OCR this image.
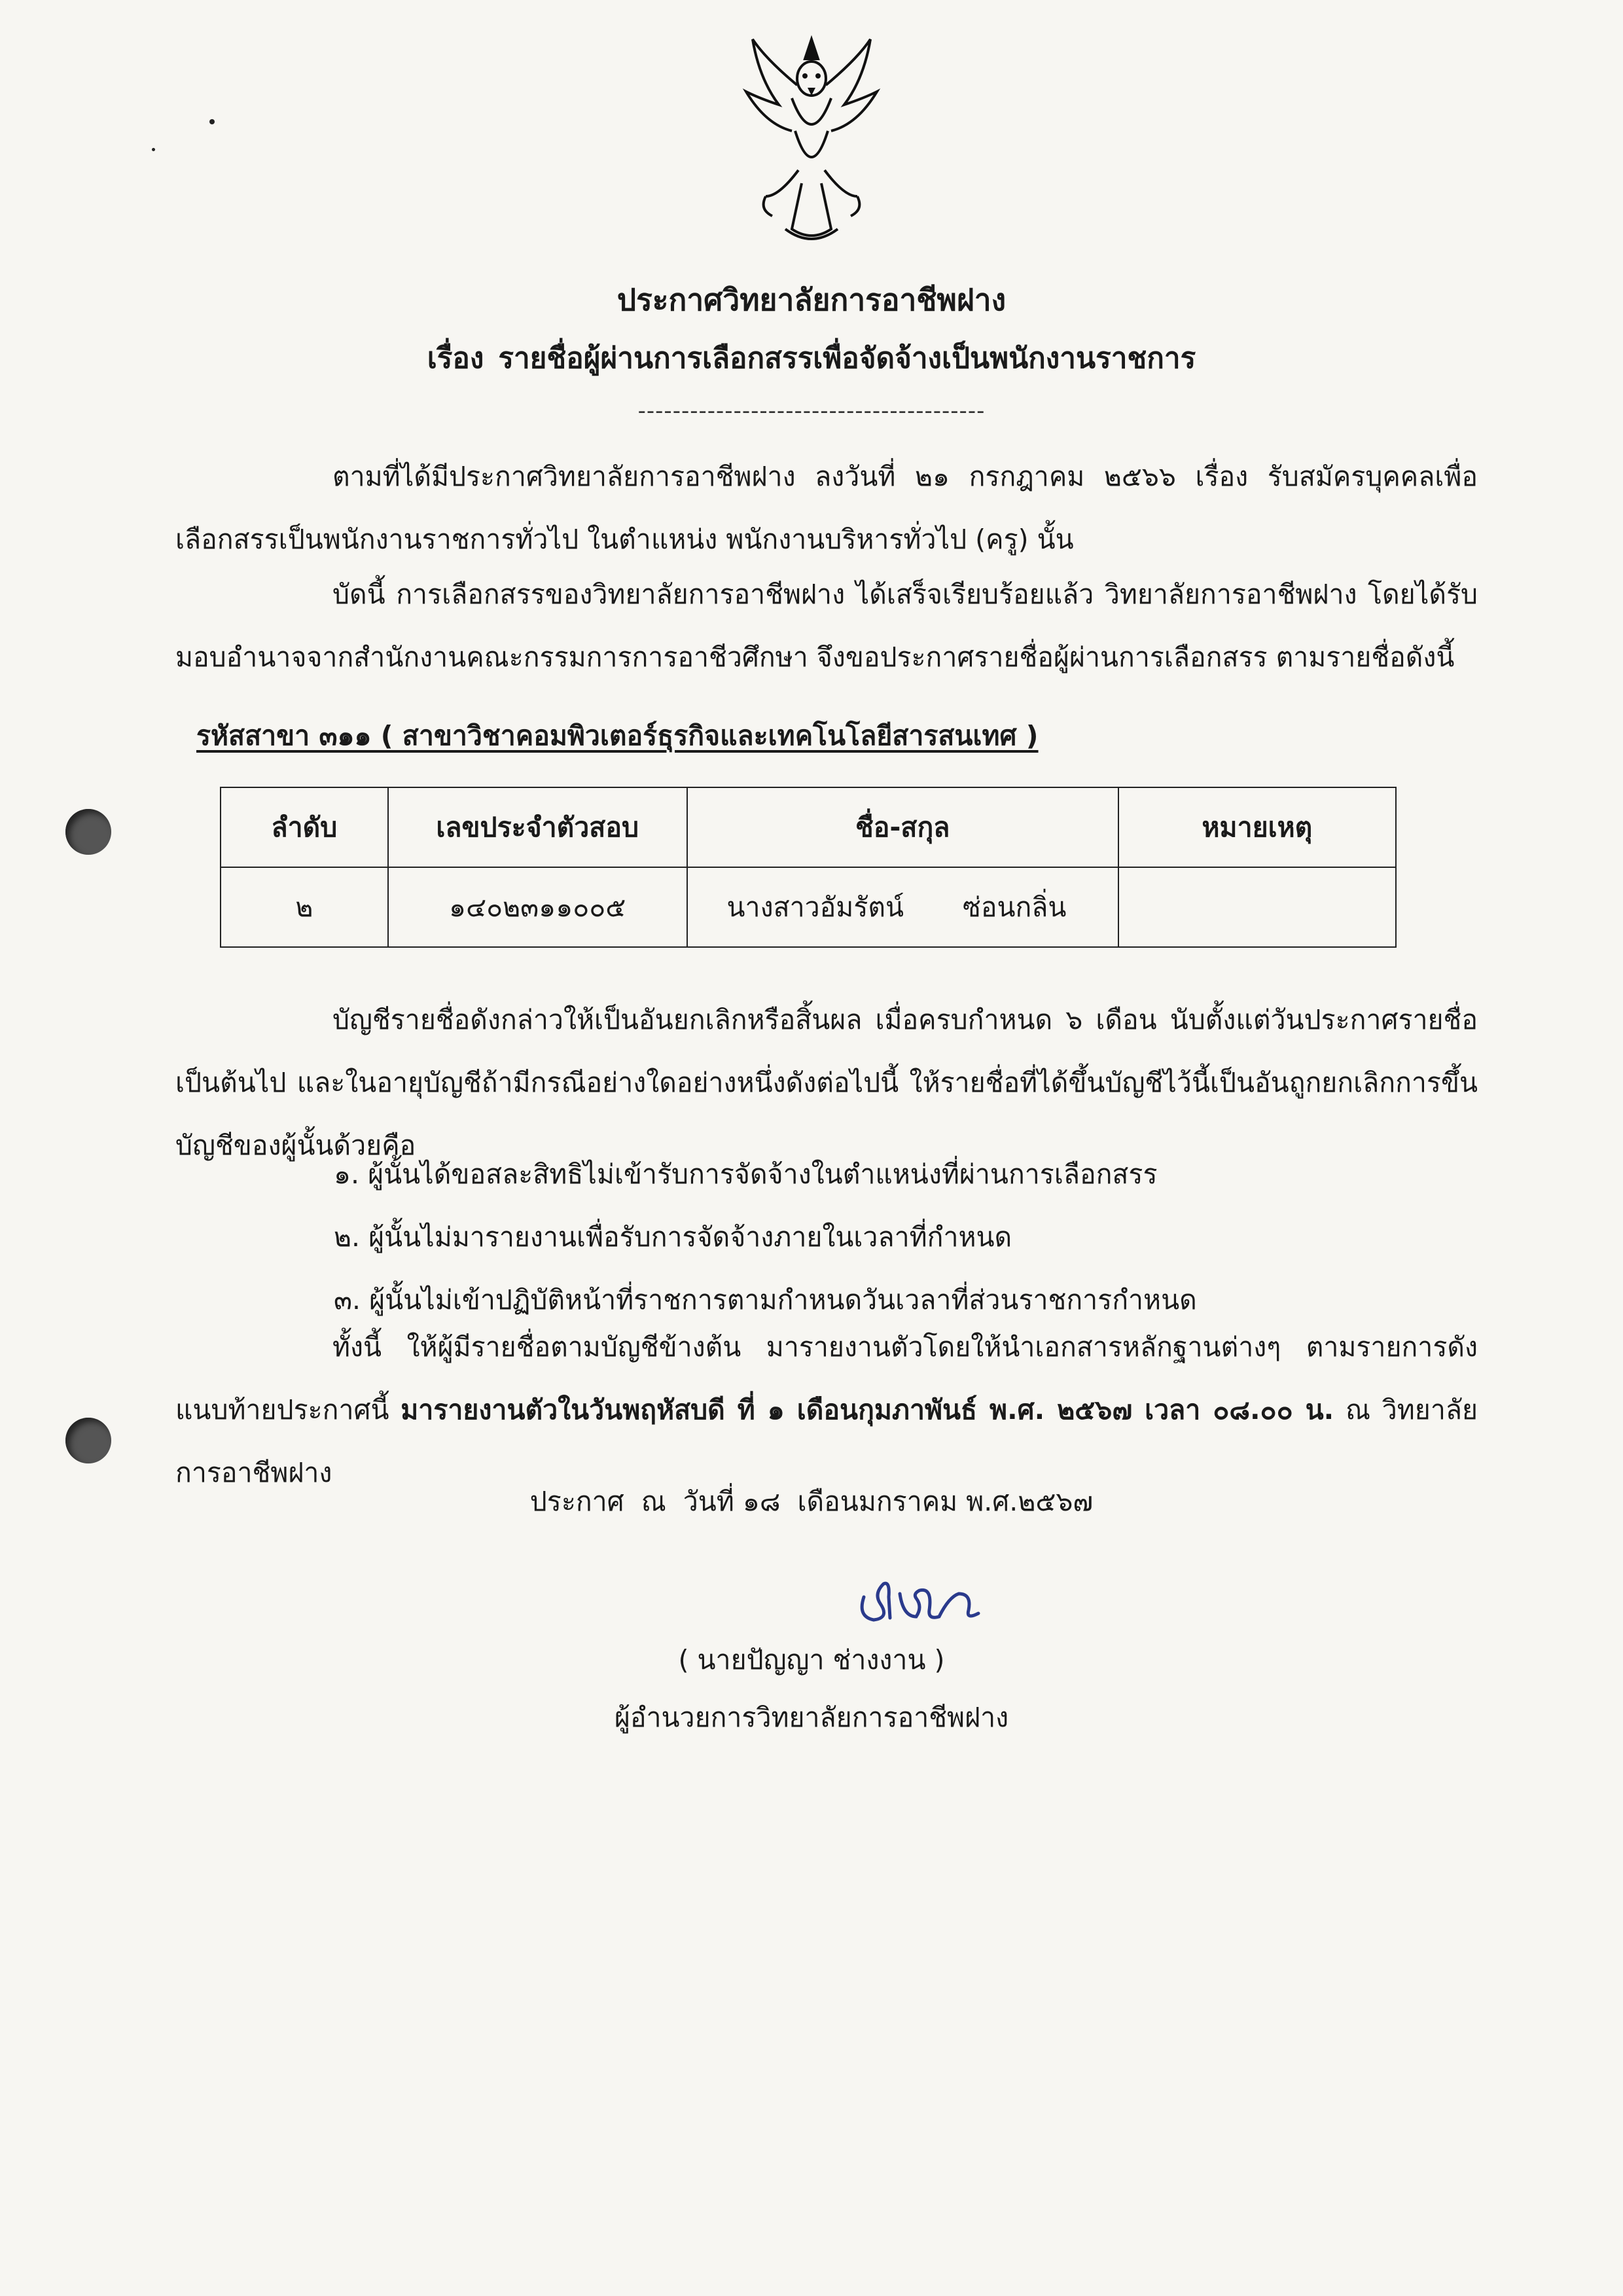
ประกาศวิทยาลัยการอาชีพฝาง
เรื่อง รายชื่อผู้ผ่านการเลือกสรรเพื่อจัดจ้างเป็นพนักงานราชการ
----------------------------------------
ตามที่ได้มีประกาศวิทยาลัยการอาชีพฝาง ลงวันที่ ๒๑ กรกฎาคม ๒๕๖๖ เรื่อง รับสมัครบุคคลเพื่อเลือกสรรเป็นพนักงานราชการทั่วไป ในตำแหน่ง พนักงานบริหารทั่วไป (ครู) นั้น
บัดนี้ การเลือกสรรของวิทยาลัยการอาชีพฝาง ได้เสร็จเรียบร้อยแล้ว วิทยาลัยการอาชีพฝาง โดยได้รับมอบอำนาจจากสำนักงานคณะกรรมการการอาชีวศึกษา จึงขอประกาศรายชื่อผู้ผ่านการเลือกสรร ตามรายชื่อดังนี้
รหัสสาขา ๓๑๑ ( สาขาวิชาคอมพิวเตอร์ธุรกิจและเทคโนโลยีสารสนเทศ )
ลำดับ	เลขประจำตัวสอบ	ชื่อ-สกุล	หมายเหตุ
๒	๑๔๐๒๓๑๑๐๐๕	นางสาวอัมรัตน์ ซ่อนกลิ่น	
บัญชีรายชื่อดังกล่าวให้เป็นอันยกเลิกหรือสิ้นผล เมื่อครบกำหนด ๖ เดือน นับตั้งแต่วันประกาศรายชื่อเป็นต้นไป และในอายุบัญชีถ้ามีกรณีอย่างใดอย่างหนึ่งดังต่อไปนี้ ให้รายชื่อที่ได้ขึ้นบัญชีไว้นี้เป็นอันถูกยกเลิกการขึ้นบัญชีของผู้นั้นด้วยคือ
๑. ผู้นั้นได้ขอสละสิทธิไม่เข้ารับการจัดจ้างในตำแหน่งที่ผ่านการเลือกสรร
๒. ผู้นั้นไม่มารายงานเพื่อรับการจัดจ้างภายในเวลาที่กำหนด
๓. ผู้นั้นไม่เข้าปฏิบัติหน้าที่ราชการตามกำหนดวันเวลาที่ส่วนราชการกำหนด
ทั้งนี้ ให้ผู้มีรายชื่อตามบัญชีข้างต้น มารายงานตัวโดยให้นำเอกสารหลักฐานต่างๆ ตามรายการดังแนบท้ายประกาศนี้ มารายงานตัวในวันพฤหัสบดี ที่ ๑ เดือนกุมภาพันธ์ พ.ศ. ๒๕๖๗ เวลา ๐๘.๐๐ น. ณ วิทยาลัยการอาชีพฝาง
ประกาศ ณ วันที่ ๑๘ เดือนมกราคม พ.ศ.๒๕๖๗
( นายปัญญา ช่างงาน )
ผู้อำนวยการวิทยาลัยการอาชีพฝาง
